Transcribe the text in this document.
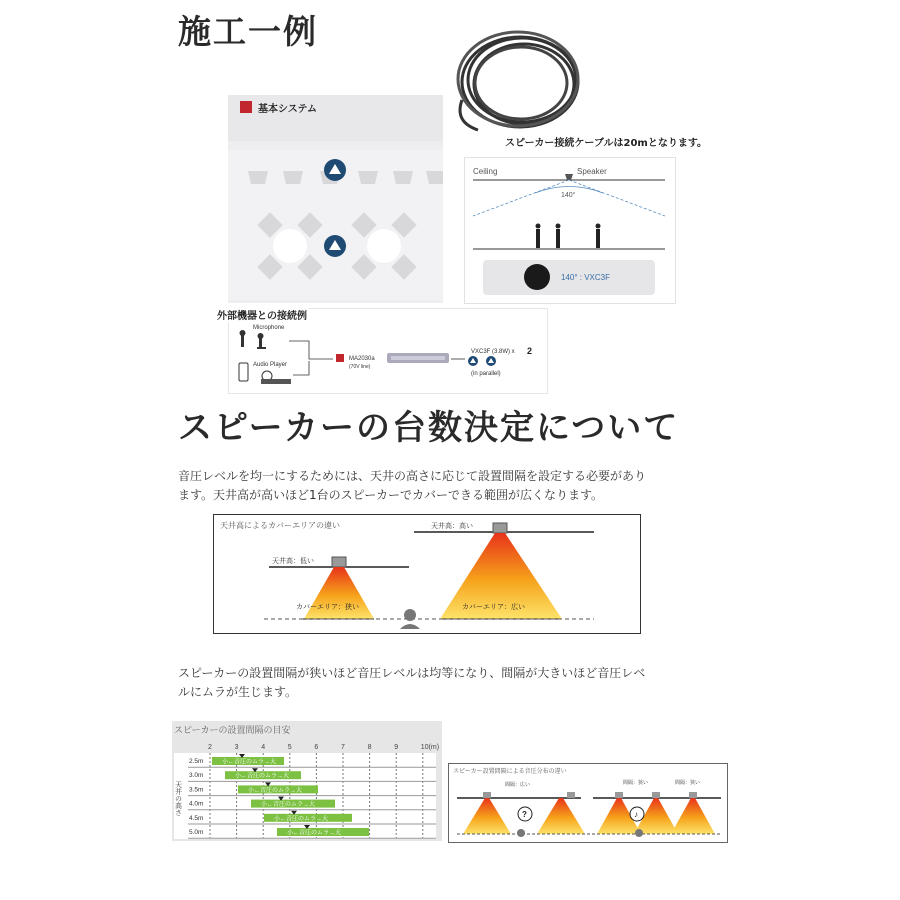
施工一例
スピーカー接続ケーブルは20mとなります。
基本システム
Ceiling	Speaker
140°
140° : VXC3F
外部機器との接続例
Microphone
Audio Player
MA2030a
(70V line)
VXC3F (3.8W) x 2
(in parallel)
スピーカーの台数決定について
音圧レベルを均一にするためには、天井の高さに応じて設置間隔を設定する必要があり
ます。天井高が高いほど1台のスピーカーでカバーできる範囲が広くなります。
天井高によるカバーエリアの違い
天井高：低い
カバーエリア：狭い
天井高：高い
カバーエリア：広い
スピーカーの設置間隔が狭いほど音圧レベルは均等になり、間隔が大きいほど音圧レベ
ルにムラが生じます。
スピーカーの設置間隔の目安
2	3	4	5	6	7	8	9	10(m)
2.5m	小←音圧のムラ→大
3.0m	小←音圧のムラ→大
3.5m	小←音圧のムラ→大
4.0m	小←音圧のムラ→大
4.5m	小←音圧のムラ→大
5.0m	小←音圧のムラ→大
天井の高さ
スピーカー設置間隔による音圧分布の違い
間隔：広い	間隔：狭い	間隔：狭い
?	♪
